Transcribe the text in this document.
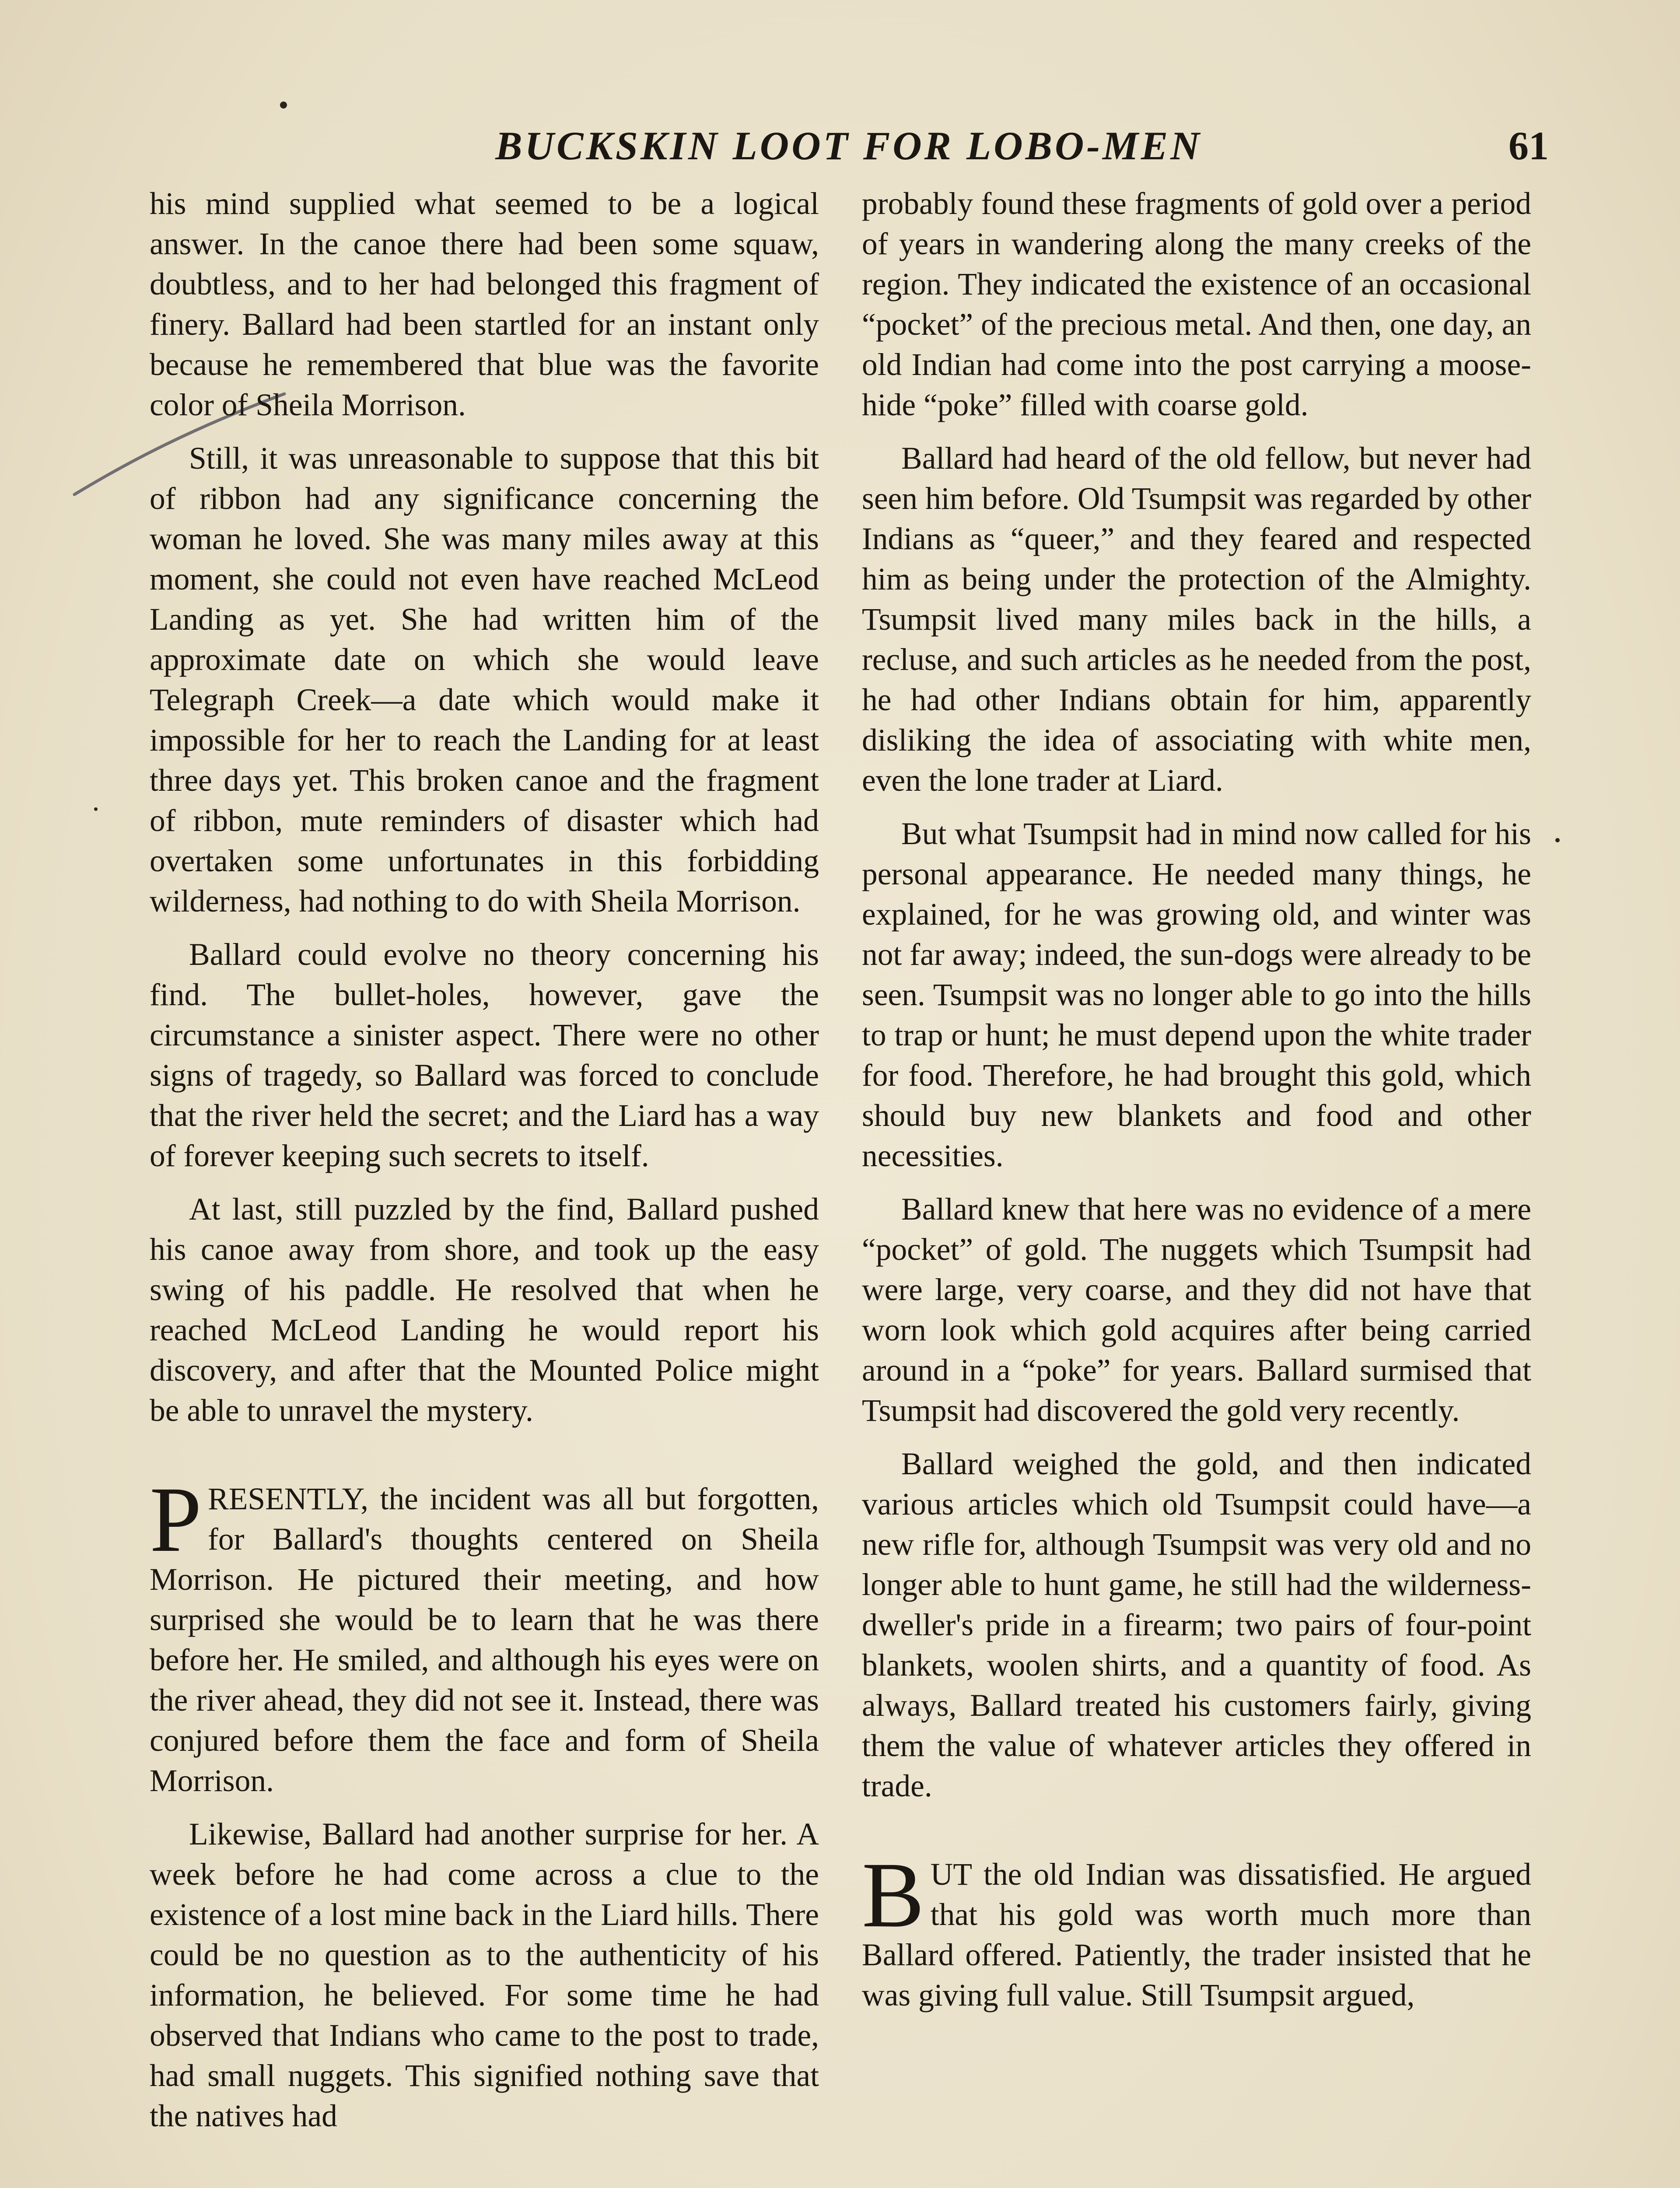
BUCKSKIN LOOT FOR LOBO-MEN	61

his mind supplied what seemed to be a logical answer. In the canoe there had been some squaw, doubtless, and to her had belonged this fragment of finery. Ballard had been startled for an instant only because he remembered that blue was the favorite color of Sheila Morrison.

Still, it was unreasonable to suppose that this bit of ribbon had any significance concerning the woman he loved. She was many miles away at this moment, she could not even have reached McLeod Landing as yet. She had written him of the approximate date on which she would leave Telegraph Creek—a date which would make it impossible for her to reach the Landing for at least three days yet. This broken canoe and the fragment of ribbon, mute reminders of disaster which had overtaken some unfortunates in this forbidding wilderness, had nothing to do with Sheila Morrison.

Ballard could evolve no theory concerning his find. The bullet-holes, however, gave the circumstance a sinister aspect. There were no other signs of tragedy, so Ballard was forced to conclude that the river held the secret; and the Liard has a way of forever keeping such secrets to itself.

At last, still puzzled by the find, Ballard pushed his canoe away from shore, and took up the easy swing of his paddle. He resolved that when he reached McLeod Landing he would report his discovery, and after that the Mounted Police might be able to unravel the mystery.

PRESENTLY, the incident was all but forgotten, for Ballard's thoughts centered on Sheila Morrison. He pictured their meeting, and how surprised she would be to learn that he was there before her. He smiled, and although his eyes were on the river ahead, they did not see it. Instead, there was conjured before them the face and form of Sheila Morrison.

Likewise, Ballard had another surprise for her. A week before he had come across a clue to the existence of a lost mine back in the Liard hills. There could be no question as to the authenticity of his information, he believed. For some time he had observed that Indians who came to the post to trade, had small nuggets. This signified nothing save that the natives had

probably found these fragments of gold over a period of years in wandering along the many creeks of the region. They indicated the existence of an occasional “pocket” of the precious metal. And then, one day, an old Indian had come into the post carrying a moose-hide “poke” filled with coarse gold.

Ballard had heard of the old fellow, but never had seen him before. Old Tsumpsit was regarded by other Indians as “queer,” and they feared and respected him as being under the protection of the Almighty. Tsumpsit lived many miles back in the hills, a recluse, and such articles as he needed from the post, he had other Indians obtain for him, apparently disliking the idea of associating with white men, even the lone trader at Liard.

But what Tsumpsit had in mind now called for his personal appearance. He needed many things, he explained, for he was growing old, and winter was not far away; indeed, the sun-dogs were already to be seen. Tsumpsit was no longer able to go into the hills to trap or hunt; he must depend upon the white trader for food. Therefore, he had brought this gold, which should buy new blankets and food and other necessities.

Ballard knew that here was no evidence of a mere “pocket” of gold. The nuggets which Tsumpsit had were large, very coarse, and they did not have that worn look which gold acquires after being carried around in a “poke” for years. Ballard surmised that Tsumpsit had discovered the gold very recently.

Ballard weighed the gold, and then indicated various articles which old Tsumpsit could have—a new rifle for, although Tsumpsit was very old and no longer able to hunt game, he still had the wilderness-dweller's pride in a firearm; two pairs of four-point blankets, woolen shirts, and a quantity of food. As always, Ballard treated his customers fairly, giving them the value of whatever articles they offered in trade.

BUT the old Indian was dissatisfied. He argued that his gold was worth much more than Ballard offered. Patiently, the trader insisted that he was giving full value. Still Tsumpsit argued,
